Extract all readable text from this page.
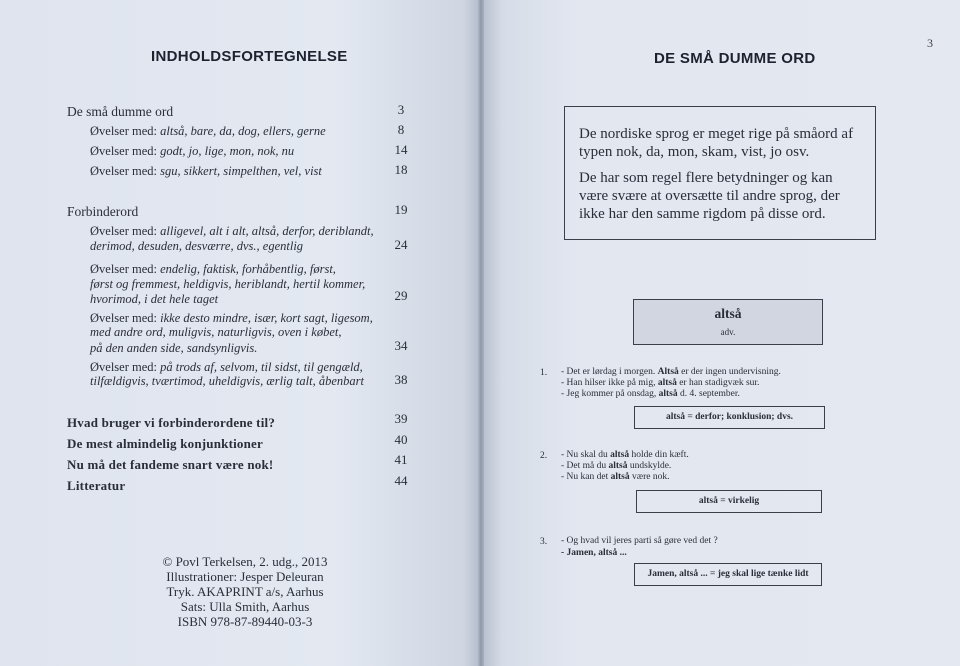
INDHOLDSFORTEGNELSE
De små dumme ord	3
Øvelser med: altså, bare, da, dog, ellers, gerne	8
Øvelser med: godt, jo, lige, mon, nok, nu	14
Øvelser med: sgu, sikkert, simpelthen, vel, vist	18
Forbinderord	19
Øvelser med: alligevel, alt i alt, altså, derfor, deriblandt,
derimod, desuden, desværre, dvs., egentlig	24
Øvelser med: endelig, faktisk, forhåbentlig, først,
først og fremmest, heldigvis, heriblandt, hertil kommer,
hvorimod, i det hele taget	29
Øvelser med: ikke desto mindre, især, kort sagt, ligesom,
med andre ord, muligvis, naturligvis, oven i købet,
på den anden side, sandsynligvis.	34
Øvelser med: på trods af, selvom, til sidst, til gengæld,
tilfældigvis, tværtimod, uheldigvis, ærlig talt, åbenbart	38
Hvad bruger vi forbinderordene til?	39
De mest almindelig konjunktioner	40
Nu må det fandeme snart være nok!	41
Litteratur	44
© Povl Terkelsen, 2. udg., 2013
Illustrationer: Jesper Deleuran
Tryk. AKAPRINT a/s, Aarhus
Sats: Ulla Smith, Aarhus
ISBN 978-87-89440-03-3
3
DE SMÅ DUMME ORD

De nordiske sprog er meget rige på småord af typen nok, da, mon, skam, vist, jo osv.

De har som regel flere betydninger og kan være svære at oversætte til andre sprog, der ikke har den samme rigdom på disse ord.

altså
adv.
1. - Det er lørdag i morgen. Altså er der ingen undervisning.
- Han hilser ikke på mig, altså er han stadigvæk sur.
- Jeg kommer på onsdag, altså d. 4. september.
altså = derfor; konklusion; dvs.
2. - Nu skal du altså holde din kæft.
- Det må du altså undskylde.
- Nu kan det altså være nok.
altså = virkelig
3. - Og hvad vil jeres parti så gøre ved det ?
- Jamen, altså ...
Jamen, altså ... = jeg skal lige tænke lidt
